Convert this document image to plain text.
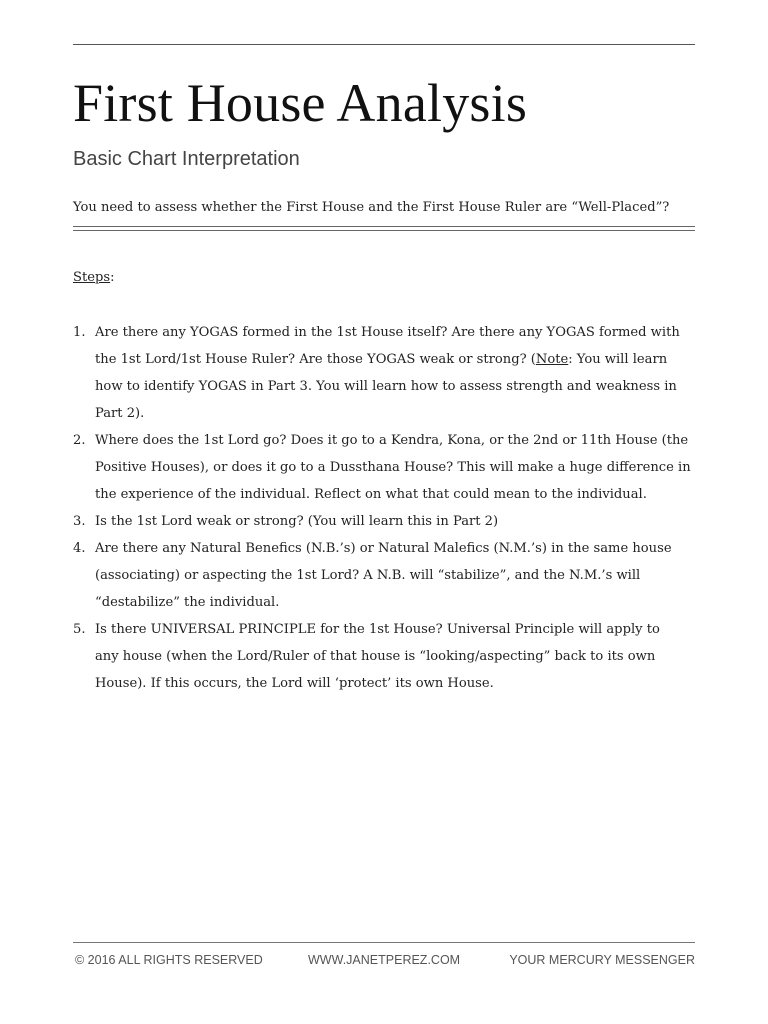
First House Analysis
Basic Chart Interpretation

You need to assess whether the First House and the First House Ruler are “Well-Placed”?

Steps:

1. Are there any YOGAS formed in the 1st House itself? Are there any YOGAS formed with
the 1st Lord/1st House Ruler? Are those YOGAS weak or strong? (Note: You will learn
how to identify YOGAS in Part 3. You will learn how to assess strength and weakness in
Part 2).
2. Where does the 1st Lord go? Does it go to a Kendra, Kona, or the 2nd or 11th House (the
Positive Houses), or does it go to a Dussthana House? This will make a huge difference in
the experience of the individual. Reflect on what that could mean to the individual.
3. Is the 1st Lord weak or strong? (You will learn this in Part 2)
4. Are there any Natural Benefics (N.B.’s) or Natural Malefics (N.M.’s) in the same house
(associating) or aspecting the 1st Lord? A N.B. will “stabilize”, and the N.M.’s will
“destabilize” the individual.
5. Is there UNIVERSAL PRINCIPLE for the 1st House? Universal Principle will apply to
any house (when the Lord/Ruler of that house is “looking/aspecting” back to its own
House). If this occurs, the Lord will ‘protect’ its own House.
© 2016 ALL RIGHTS RESERVED	WWW.JANETPEREZ.COM	YOUR MERCURY MESSENGER
